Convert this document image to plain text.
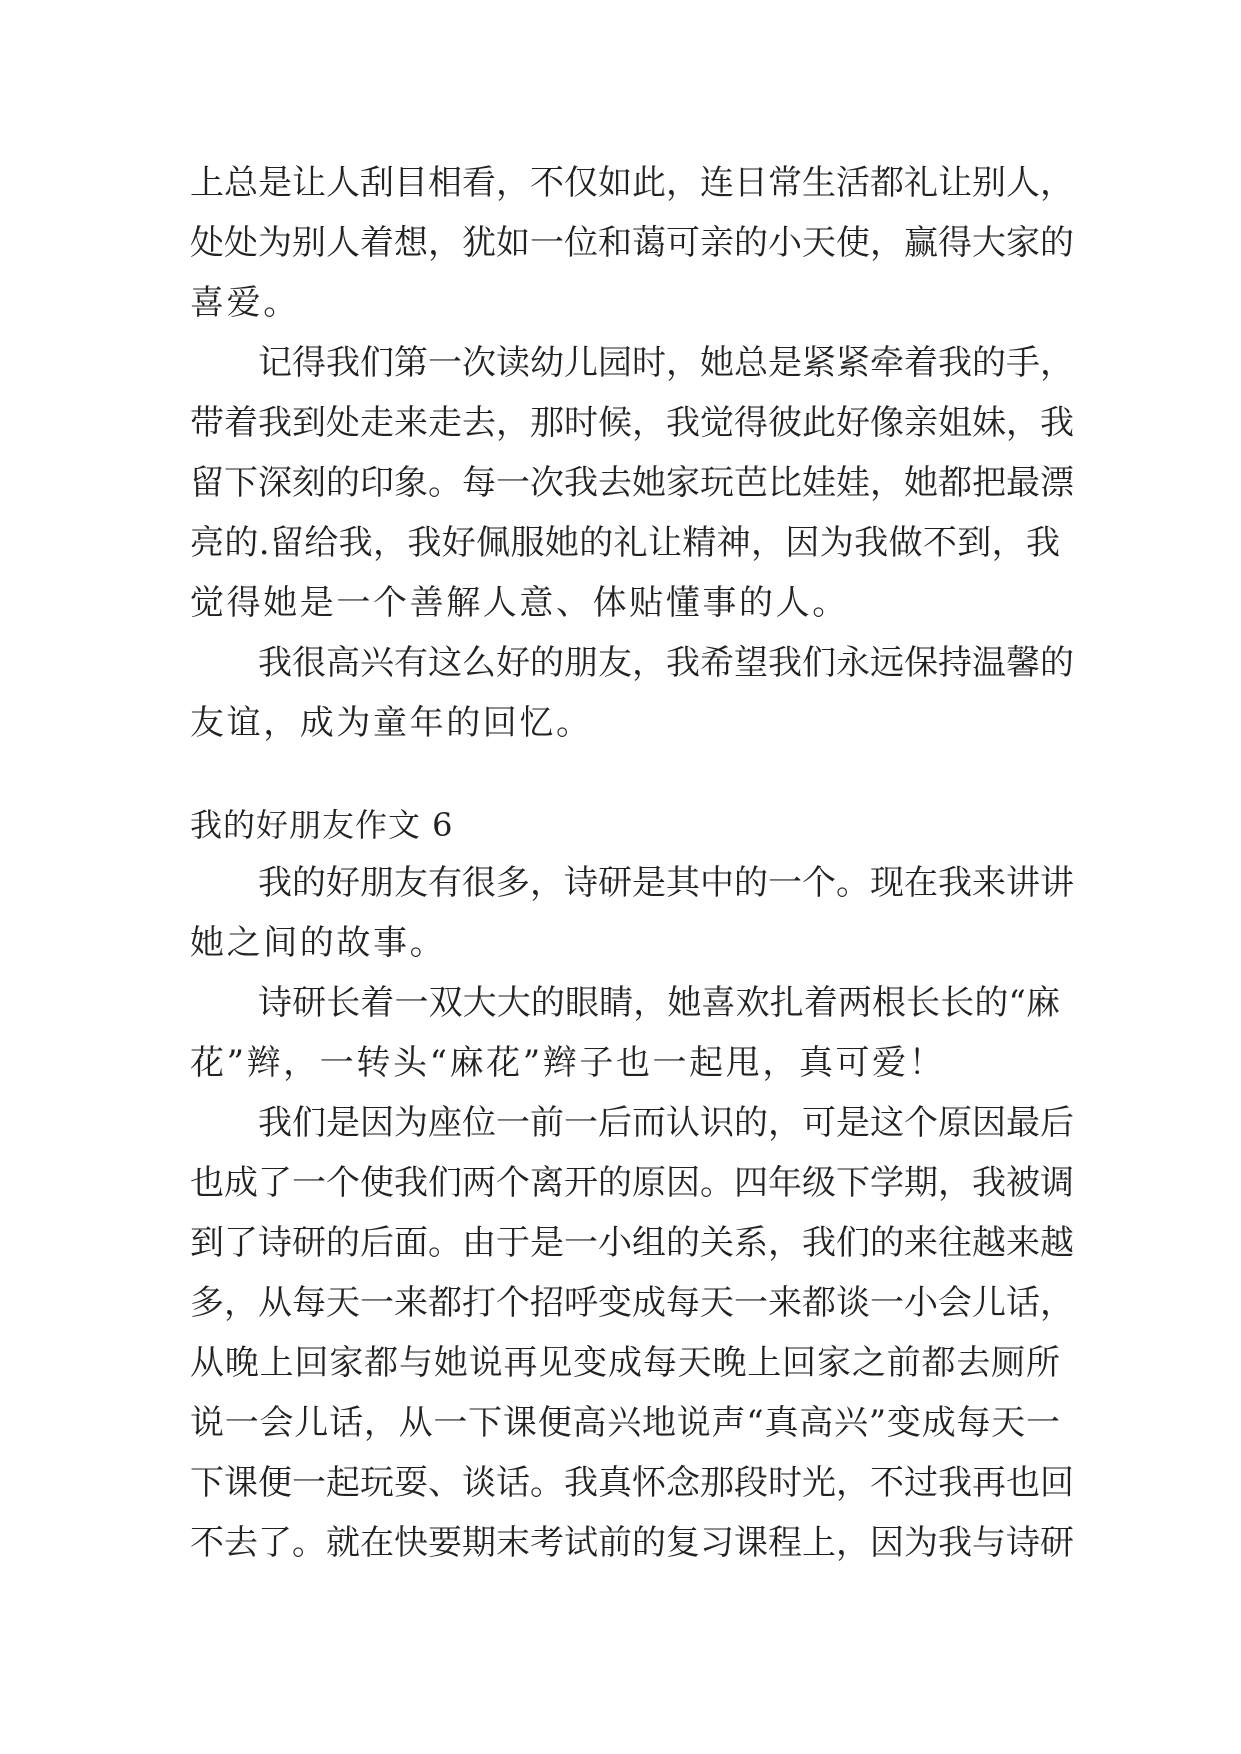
上总是让人刮目相看，不仅如此，连日常生活都礼让别人，
处处为别人着想，犹如一位和蔼可亲的小天使，赢得大家的
喜爱。
记得我们第一次读幼儿园时，她总是紧紧牵着我的手，
带着我到处走来走去，那时候，我觉得彼此好像亲姐妹，我
留下深刻的印象。每一次我去她家玩芭比娃娃，她都把最漂
亮的.留给我，我好佩服她的礼让精神，因为我做不到，我
觉得她是一个善解人意、体贴懂事的人。
我很高兴有这么好的朋友，我希望我们永远保持温馨的
友谊，成为童年的回忆。
我的好朋友作文 6
我的好朋友有很多，诗研是其中的一个。现在我来讲讲
她之间的故事。
诗研长着一双大大的眼睛，她喜欢扎着两根长长的“麻
花”辫，一转头“麻花”辫子也一起甩，真可爱！
我们是因为座位一前一后而认识的，可是这个原因最后
也成了一个使我们两个离开的原因。四年级下学期，我被调
到了诗研的后面。由于是一小组的关系，我们的来往越来越
多，从每天一来都打个招呼变成每天一来都谈一小会儿话，
从晚上回家都与她说再见变成每天晚上回家之前都去厕所
说一会儿话，从一下课便高兴地说声“真高兴”变成每天一
下课便一起玩耍、谈话。我真怀念那段时光，不过我再也回
不去了。就在快要期末考试前的复习课程上，因为我与诗研
